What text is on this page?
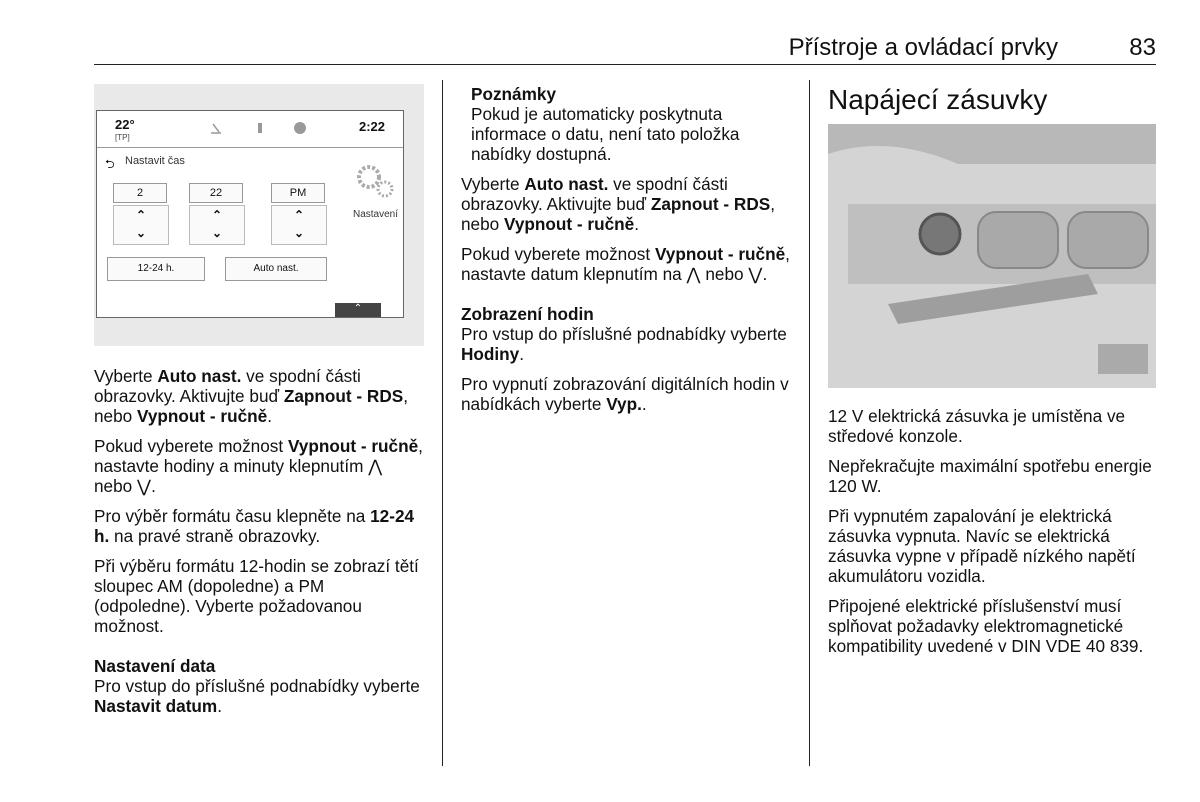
Přístroje a ovládací prvky	83
22°
[TP]
2:22
⮌ Nastavit čas
2	22	PM
⌃
⌄
⌃
⌄
⌃
⌄
12-24 h.	Auto nast.
Nastavení
⌃

Vyberte Auto nast. ve spodní části obrazovky. Aktivujte buď Zapnout - RDS, nebo Vypnout - ručně.

Pokud vyberete možnost Vypnout - ručně, nastavte hodiny a minuty klepnutím ⋀ nebo ⋁.

Pro výběr formátu času klepněte na 12-24 h. na pravé straně obrazovky.

Při výběru formátu 12-hodin se zobrazí tětí sloupec AM (dopoledne) a PM (odpoledne). Vyberte požadovanou možnost.

Nastavení data

Pro vstup do příslušné podnabídky vyberte Nastavit datum.

Poznámky

Pokud je automaticky poskytnuta informace o datu, není tato položka nabídky dostupná.

Vyberte Auto nast. ve spodní části obrazovky. Aktivujte buď Zapnout - RDS, nebo Vypnout - ručně.

Pokud vyberete možnost Vypnout - ručně, nastavte datum klepnutím na ⋀ nebo ⋁.

Zobrazení hodin

Pro vstup do příslušné podnabídky vyberte Hodiny.

Pro vypnutí zobrazování digitálních hodin v nabídkách vyberte Vyp..

Napájecí zásuvky

12 V elektrická zásuvka je umístěna ve středové konzole.

Nepřekračujte maximální spotřebu energie 120 W.

Při vypnutém zapalování je elektrická zásuvka vypnuta. Navíc se elektrická zásuvka vypne v případě nízkého napětí akumulátoru vozidla.

Připojené elektrické příslušenství musí splňovat požadavky elektromagnetické kompatibility uvedené v DIN VDE 40 839.
